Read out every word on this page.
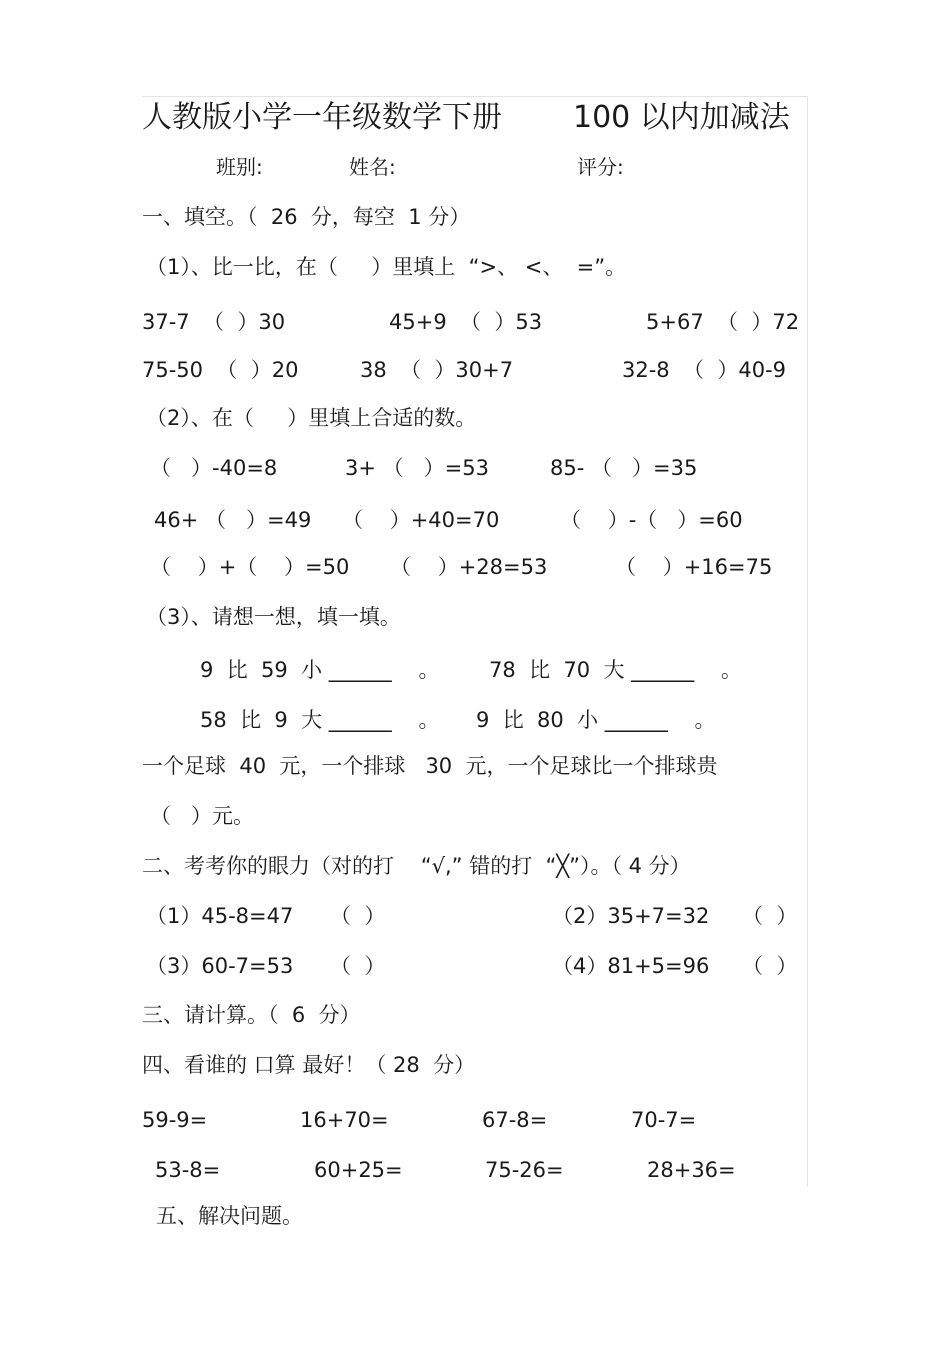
人教版小学一年级数学下册 100 以内加减法
班别:	姓名:	评分:
一、填空。（  26  分，每空  1 分）
（1）、比一比，在（     ）里填上  “>、 <、  =”。
37-7  （  ）30	45+9  （  ）53	5+67  （  ）72
75-50  （  ）20	38  （  ）30+7	32-8  （  ）40-9
（2）、在（     ）里填上合适的数。
（   ）-40=8	3+ （   ）=53	85- （   ）=35
46+ （   ）=49 （    ）+40=70	（    ）-（   ）=60
（    ）+（    ）=50 （    ）+28=53	（    ）+16=75
（3）、请想一想，填一填。
9  比  59  小 ______    。 78  比  70  大 ______    。
58  比  9  大 ______    。 9  比  80  小 ______    。
一个足球  40  元，一个排球   30  元，一个足球比一个排球贵
（   ）元。
二、考考你的眼力（对的打    “√,” 错的打  “╳”）。（ 4 分）
（1）45-8=47 （  ）	（2）35+7=32 （  ）
（3）60-7=53 （  ）	（4）81+5=96 （  ）
三、请计算。（  6  分）
四、看谁的 口算 最好！（ 28  分）
59-9=	16+70=	67-8=	70-7=
53-8=	60+25=	75-26=	28+36=
五、解决问题。
